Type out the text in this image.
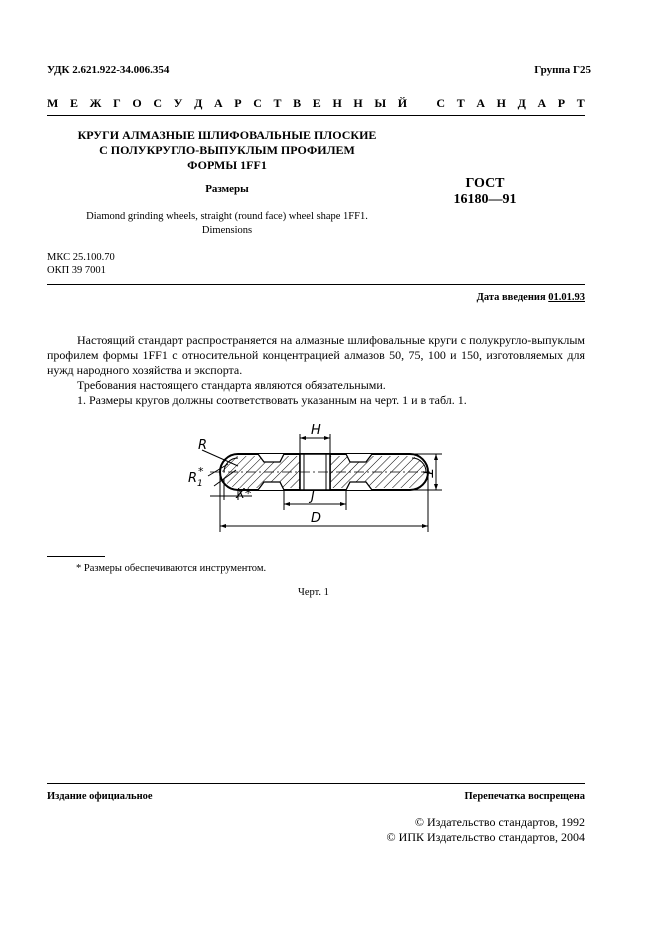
УДК 2.621.922-34.006.354	Группа Г25
М Е Ж Г О С У Д А Р С Т В Е Н Н Ы Й
С Т А Н Д А Р Т
КРУГИ АЛМАЗНЫЕ ШЛИФОВАЛЬНЫЕ ПЛОСКИЕ
С ПОЛУКРУГЛО-ВЫПУКЛЫМ ПРОФИЛЕМ
ФОРМЫ 1FF1
Размеры	ГОСТ
16180—91
Diamond grinding wheels, straight (round face) wheel shape 1FF1.
Dimensions
МКС 25.100.70
ОКП 39 7001
Дата введения 01.01.93

Настоящий стандарт распространяется на алмазные шлифовальные круги с полукругло-выпуклым профилем формы 1FF1 с относительной концентрацией алмазов 50, 75, 100 и 150, изготовляемых для нужд народного хозяйства и экспорта.

Требования настоящего стандарта являются обязательными.

1. Размеры кругов должны соответствовать указанным на черт. 1 и в табл. 1.

R
R 1
*
X*
H
J
D
T
* Размеры обеспечиваются инструментом.
Черт. 1
Издание официальное	Перепечатка воспрещена
© Издательство стандартов, 1992
© ИПК Издательство стандартов, 2004
